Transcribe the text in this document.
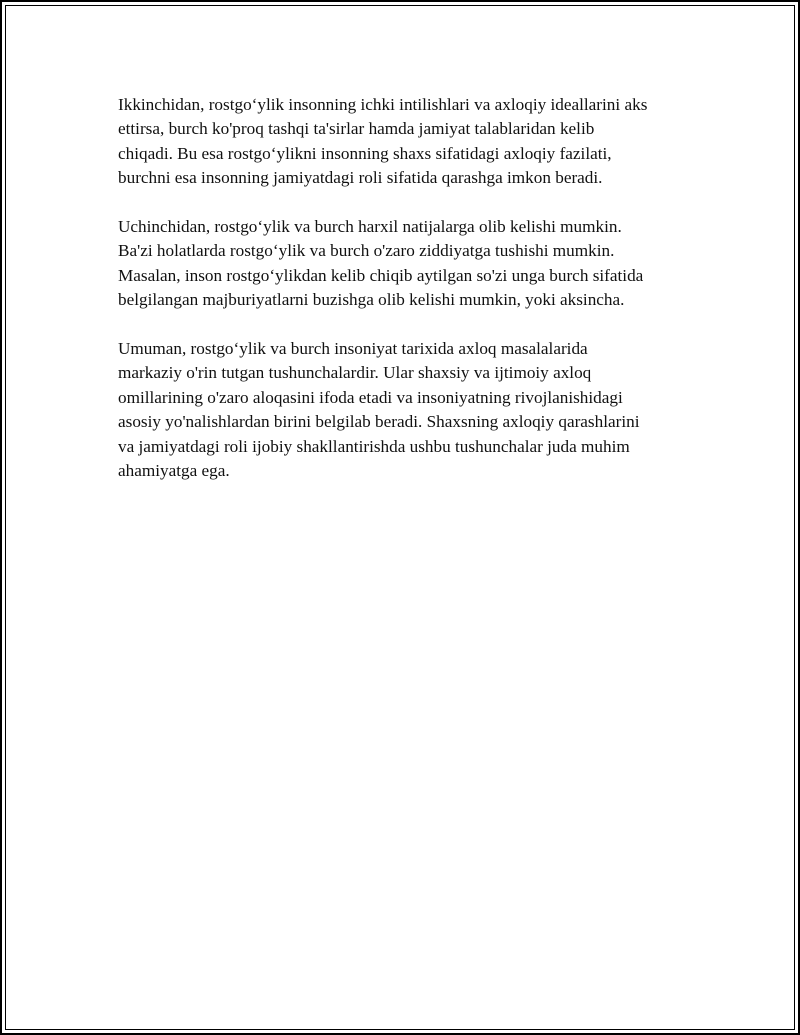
Ikkinchidan, rostgo‘ylik insonning ichki intilishlari va axloqiy ideallarini aks
ettirsa, burch ko'proq tashqi ta'sirlar hamda jamiyat talablaridan kelib
chiqadi. Bu esa rostgo‘ylikni insonning shaxs sifatidagi axloqiy fazilati,
burchni esa insonning jamiyatdagi roli sifatida qarashga imkon beradi.

Uchinchidan, rostgo‘ylik va burch harxil natijalarga olib kelishi mumkin.
Ba'zi holatlarda rostgo‘ylik va burch o'zaro ziddiyatga tushishi mumkin.
Masalan, inson rostgo‘ylikdan kelib chiqib aytilgan so'zi unga burch sifatida
belgilangan majburiyatlarni buzishga olib kelishi mumkin, yoki aksincha.

Umuman, rostgo‘ylik va burch insoniyat tarixida axloq masalalarida
markaziy o'rin tutgan tushunchalardir. Ular shaxsiy va ijtimoiy axloq
omillarining o'zaro aloqasini ifoda etadi va insoniyatning rivojlanishidagi
asosiy yo'nalishlardan birini belgilab beradi. Shaxsning axloqiy qarashlarini
va jamiyatdagi roli ijobiy shakllantirishda ushbu tushunchalar juda muhim
ahamiyatga ega.
